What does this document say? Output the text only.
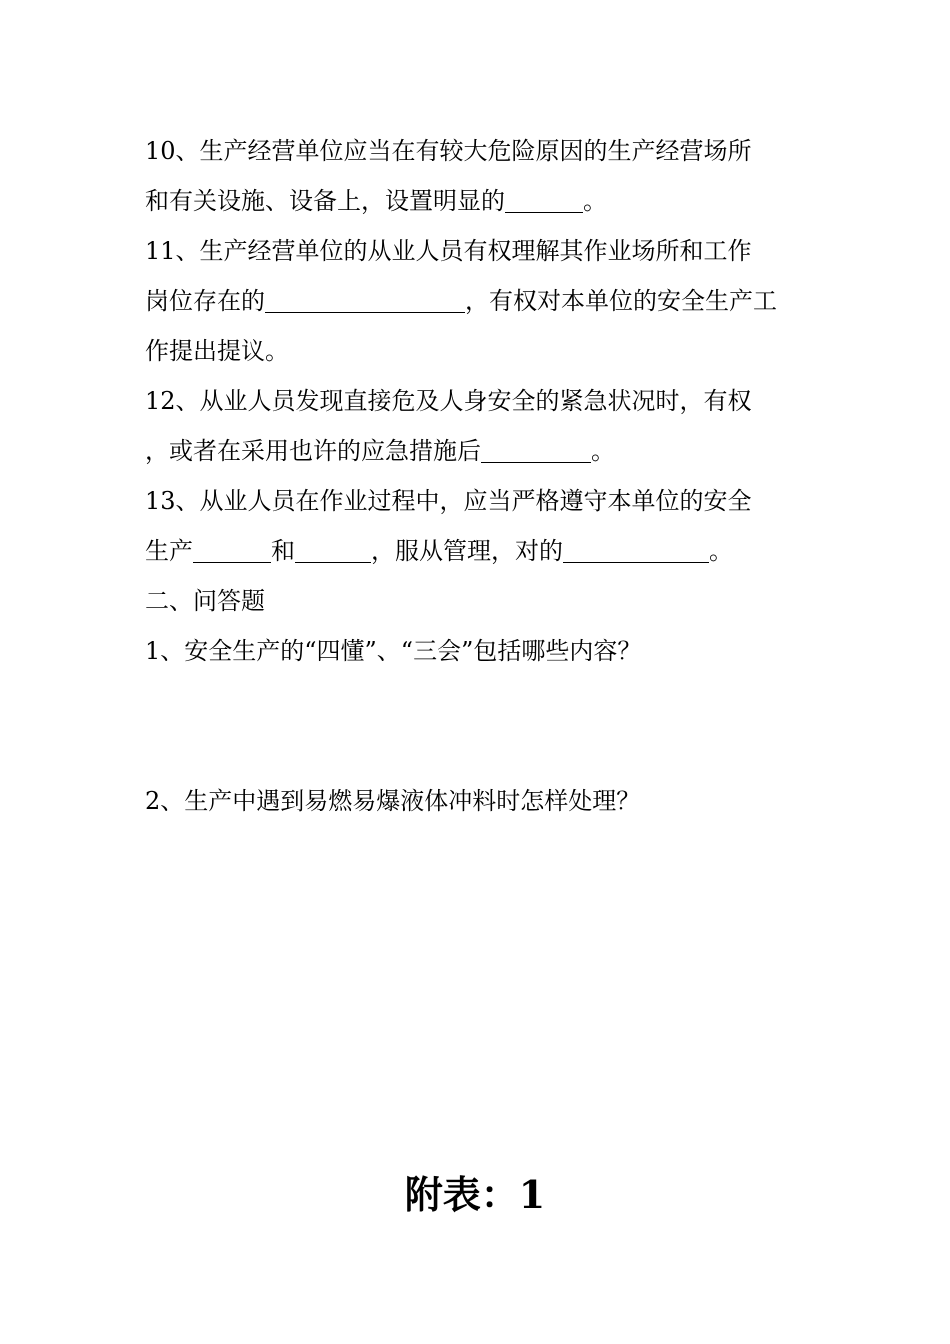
10、生产经营单位应当在有较大危险原因的生产经营场所
和有关设施、设备上，设置明显的	。
11、生产经营单位的从业人员有权理解其作业场所和工作
岗位存在的	，有权对本单位的安全生产工
作提出提议。
12、从业人员发现直接危及人身安全的紧急状况时，有权
，或者在采用也许的应急措施后	。
13、从业人员在作业过程中，应当严格遵守本单位的安全
生产	和	，服从管理，对的	。
二、问答题
1、安全生产的“四懂”、“三会”包括哪些内容？
2、生产中遇到易燃易爆液体冲料时怎样处理？
附表：1
